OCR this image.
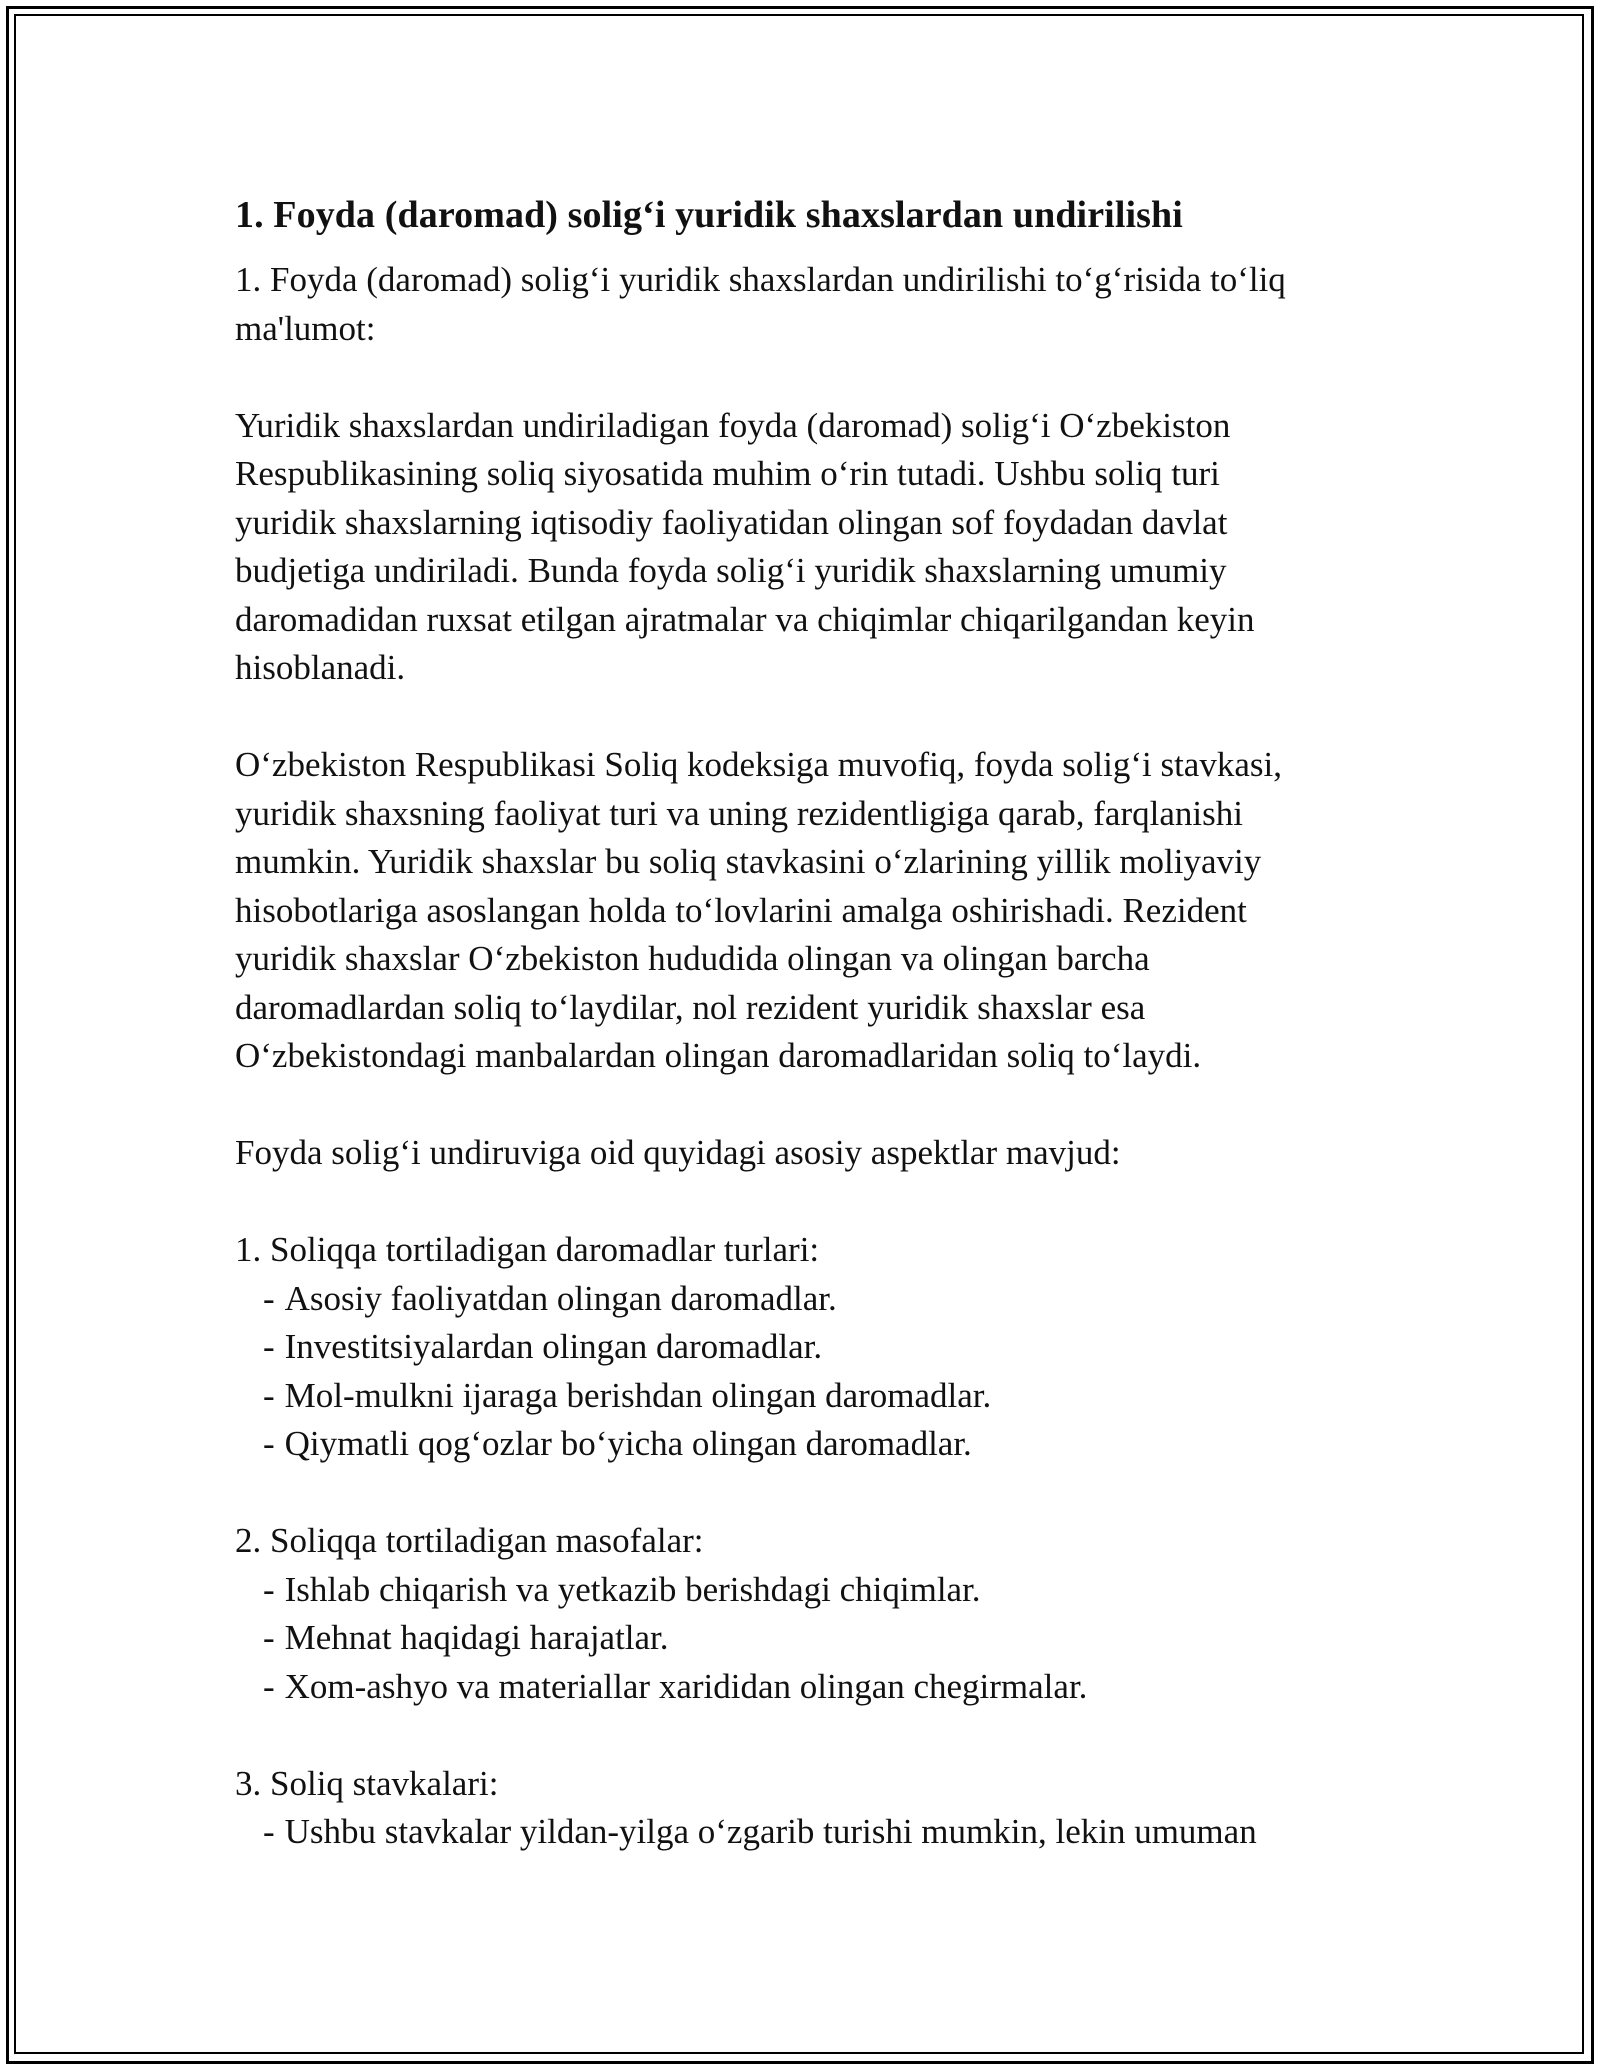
1. Foyda (daromad) solig‘i yuridik shaxslardan undirilishi

1. Foyda (daromad) solig‘i yuridik shaxslardan undirilishi to‘g‘risida to‘liq
ma'lumot:

Yuridik shaxslardan undiriladigan foyda (daromad) solig‘i O‘zbekiston
Respublikasining soliq siyosatida muhim o‘rin tutadi. Ushbu soliq turi
yuridik shaxslarning iqtisodiy faoliyatidan olingan sof foydadan davlat
budjetiga undiriladi. Bunda foyda solig‘i yuridik shaxslarning umumiy
daromadidan ruxsat etilgan ajratmalar va chiqimlar chiqarilgandan keyin
hisoblanadi.

O‘zbekiston Respublikasi Soliq kodeksiga muvofiq, foyda solig‘i stavkasi,
yuridik shaxsning faoliyat turi va uning rezidentligiga qarab, farqlanishi
mumkin. Yuridik shaxslar bu soliq stavkasini o‘zlarining yillik moliyaviy
hisobotlariga asoslangan holda to‘lovlarini amalga oshirishadi. Rezident
yuridik shaxslar O‘zbekiston hududida olingan va olingan barcha
daromadlardan soliq to‘laydilar, nol rezident yuridik shaxslar esa
O‘zbekistondagi manbalardan olingan daromadlaridan soliq to‘laydi.

Foyda solig‘i undiruviga oid quyidagi asosiy aspektlar mavjud:

1. Soliqqa tortiladigan daromadlar turlari:

- Asosiy faoliyatdan olingan daromadlar.
- Investitsiyalardan olingan daromadlar.
- Mol-mulkni ijaraga berishdan olingan daromadlar.
- Qiymatli qog‘ozlar bo‘yicha olingan daromadlar.

2. Soliqqa tortiladigan masofalar:

- Ishlab chiqarish va yetkazib berishdagi chiqimlar.
- Mehnat haqidagi harajatlar.
- Xom-ashyo va materiallar xarididan olingan chegirmalar.

3. Soliq stavkalari:

- Ushbu stavkalar yildan-yilga o‘zgarib turishi mumkin, lekin umuman
